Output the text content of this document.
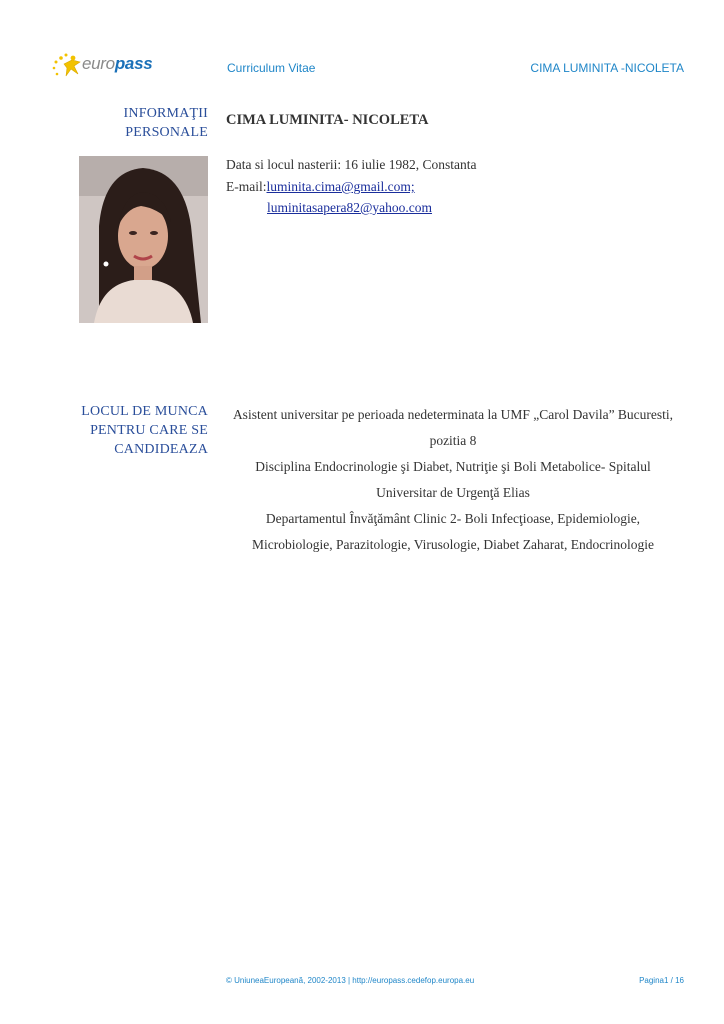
europass	Curriculum Vitae	CIMA LUMINITA -NICOLETA
INFORMAŢII PERSONALE
CIMA LUMINITA- NICOLETA
Data si locul nasterii: 16 iulie 1982, Constanta
E-mail:luminita.cima@gmail.com;
luminitasapera82@yahoo.com
LOCUL DE MUNCA PENTRU CARE SE CANDIDEAZA

Asistent universitar pe perioada nedeterminata la UMF „Carol Davila” Bucuresti,

pozitia 8

Disciplina Endocrinologie şi Diabet, Nutriţie şi Boli Metabolice- Spitalul

Universitar de Urgenţă Elias

Departamentul Învăţământ Clinic 2- Boli Infecţioase, Epidemiologie,

Microbiologie, Parazitologie, Virusologie, Diabet Zaharat, Endocrinologie

© UniuneaEuropeană, 2002-2013 | http://europass.cedefop.europa.eu	Pagina1 / 16
